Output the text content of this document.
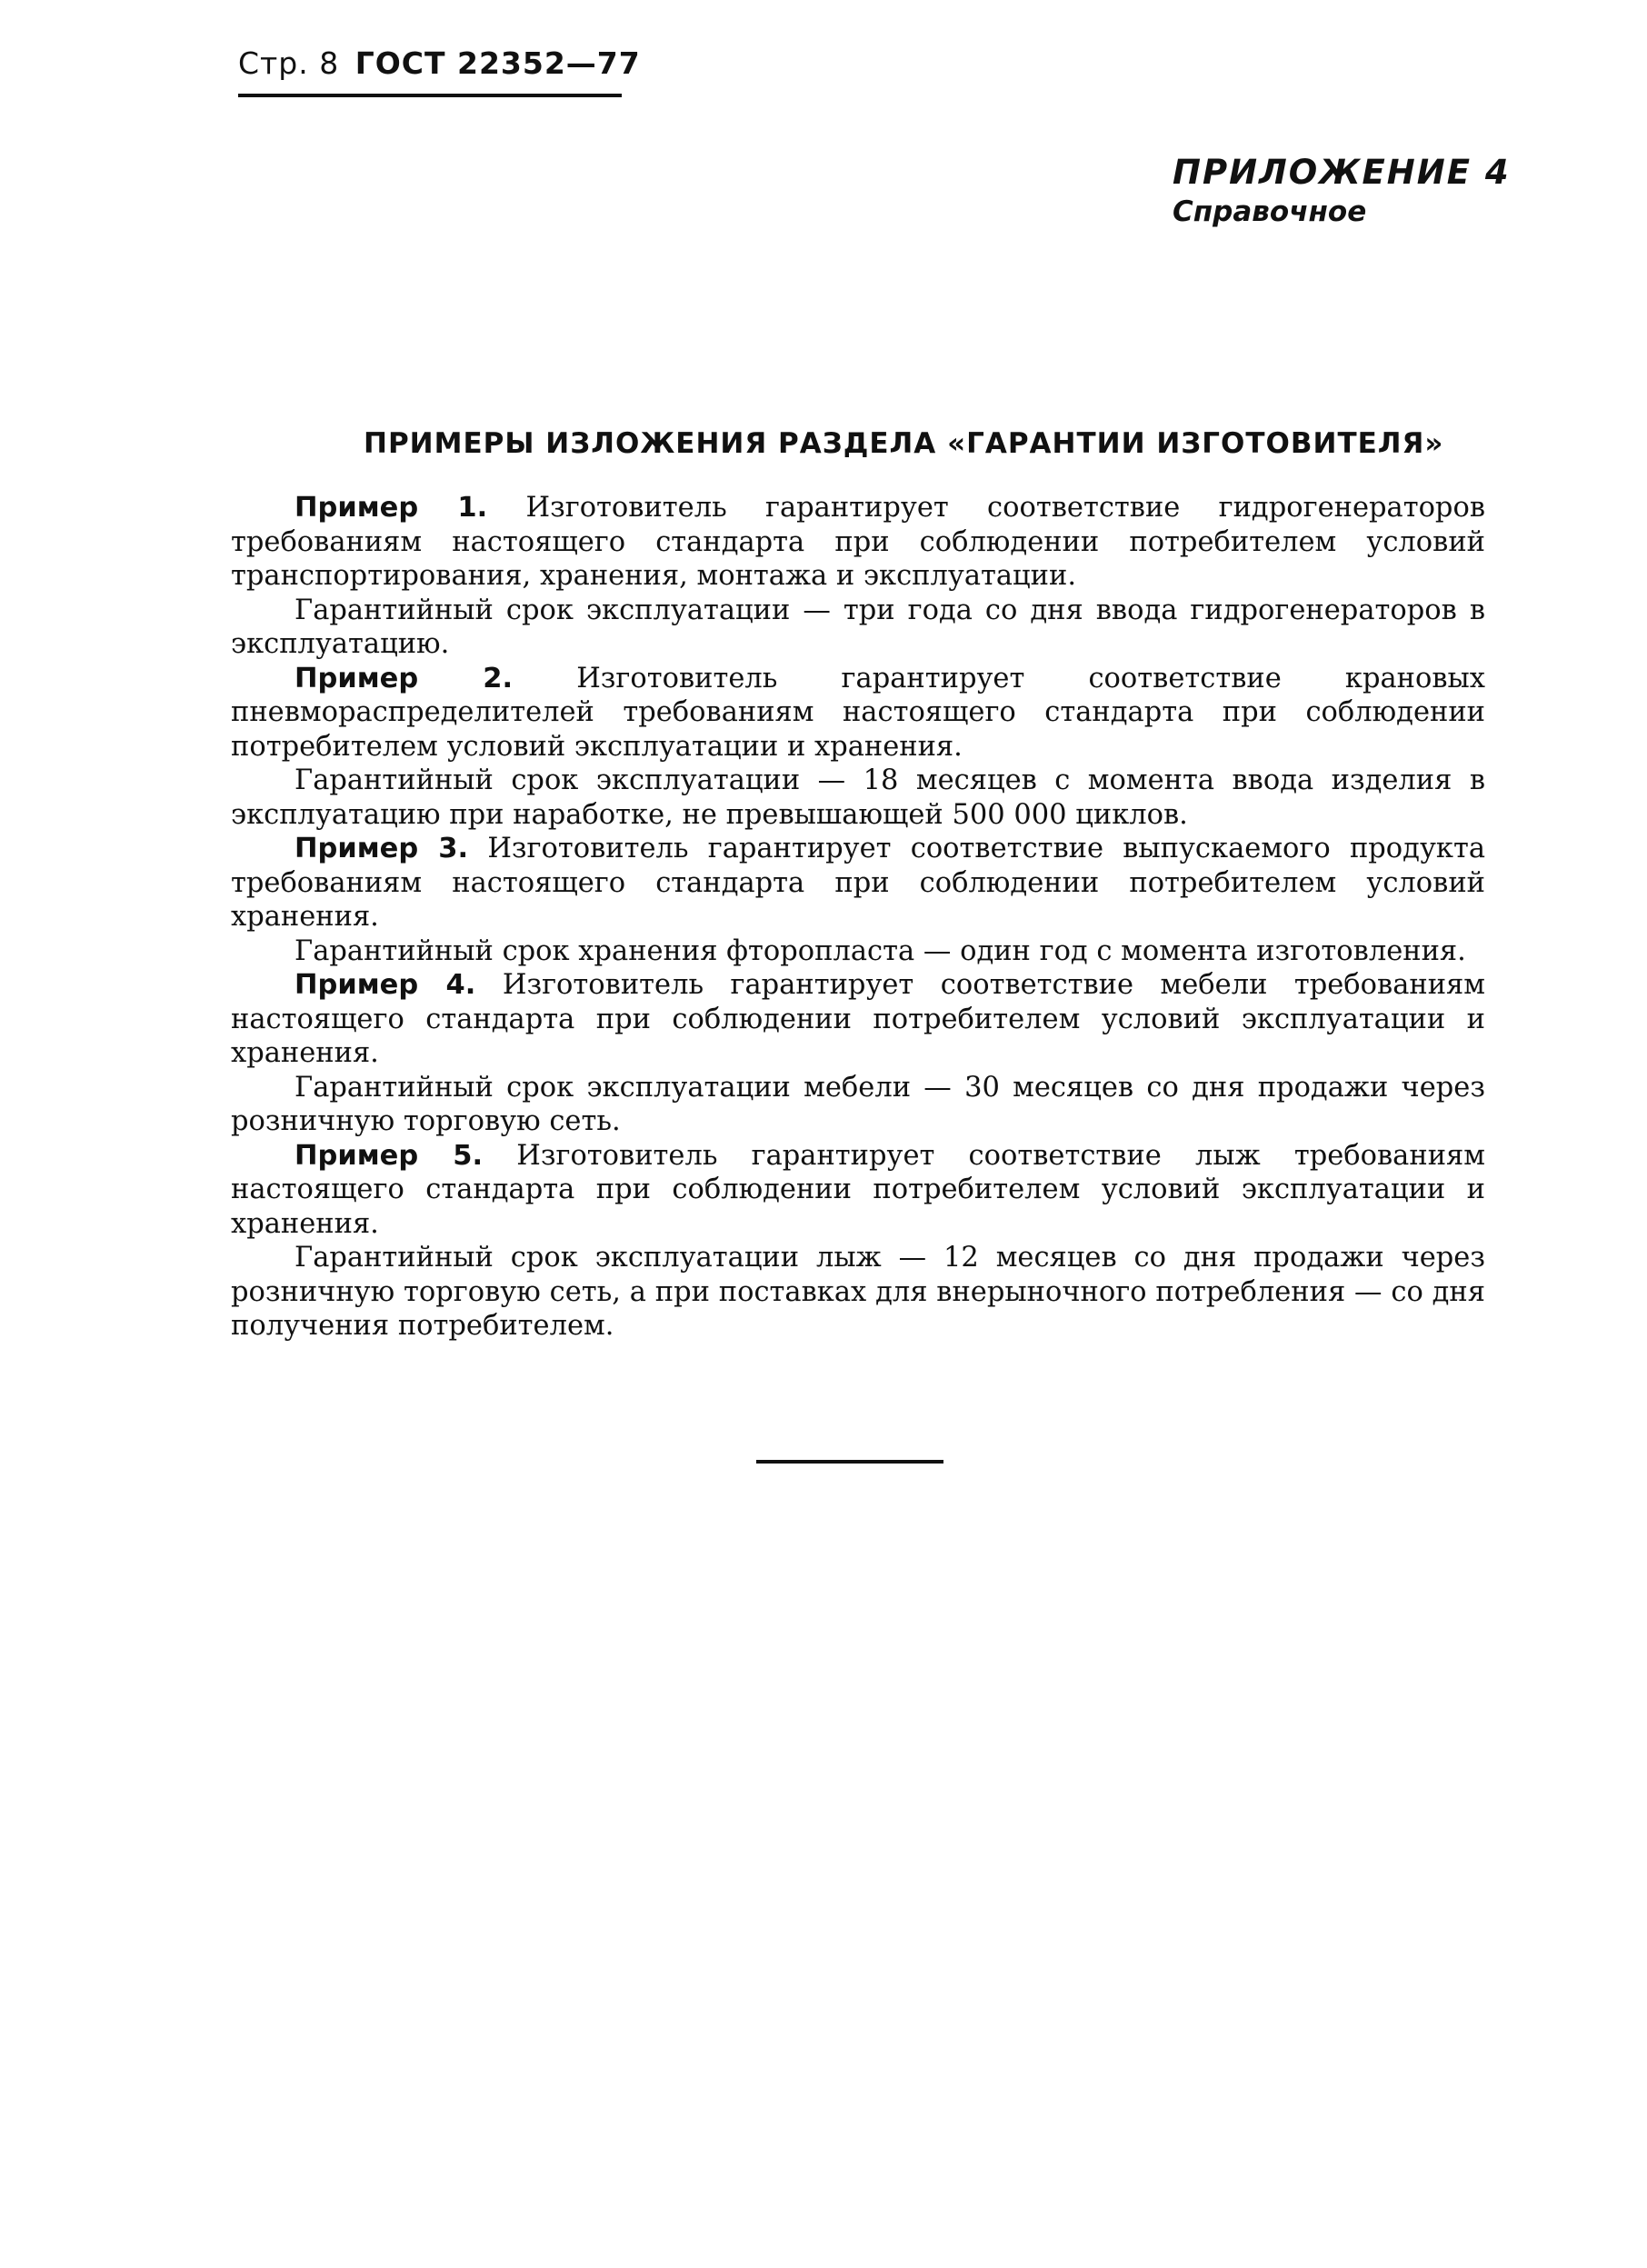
Стр. 8 ГОСТ 22352—77
ПРИЛОЖЕНИЕ 4
Справочное
ПРИМЕРЫ ИЗЛОЖЕНИЯ РАЗДЕЛА «ГАРАНТИИ ИЗГОТОВИТЕЛЯ»

Пример 1. Изготовитель гарантирует соответствие гидрогенераторов требованиям настоящего стандарта при соблюдении потребителем условий транспортирования, хранения, монтажа и эксплуатации.

Гарантийный срок эксплуатации — три года со дня ввода гидрогенераторов в эксплуатацию.

Пример 2. Изготовитель гарантирует соответствие крановых пневмораспределителей требованиям настоящего стандарта при соблюдении потребителем условий эксплуатации и хранения.

Гарантийный срок эксплуатации — 18 месяцев с момента ввода изделия в эксплуатацию при наработке, не превышающей 500 000 циклов.

Пример 3. Изготовитель гарантирует соответствие выпускаемого продукта требованиям настоящего стандарта при соблюдении потребителем условий хранения.

Гарантийный срок хранения фторопласта — один год с момента изготовления.

Пример 4. Изготовитель гарантирует соответствие мебели требованиям настоящего стандарта при соблюдении потребителем условий эксплуатации и хранения.

Гарантийный срок эксплуатации мебели — 30 месяцев со дня продажи через розничную торговую сеть.

Пример 5. Изготовитель гарантирует соответствие лыж требованиям настоящего стандарта при соблюдении потребителем условий эксплуатации и хранения.

Гарантийный срок эксплуатации лыж — 12 месяцев со дня продажи через розничную торговую сеть, а при поставках для внерыночного потребления — со дня получения потребителем.
